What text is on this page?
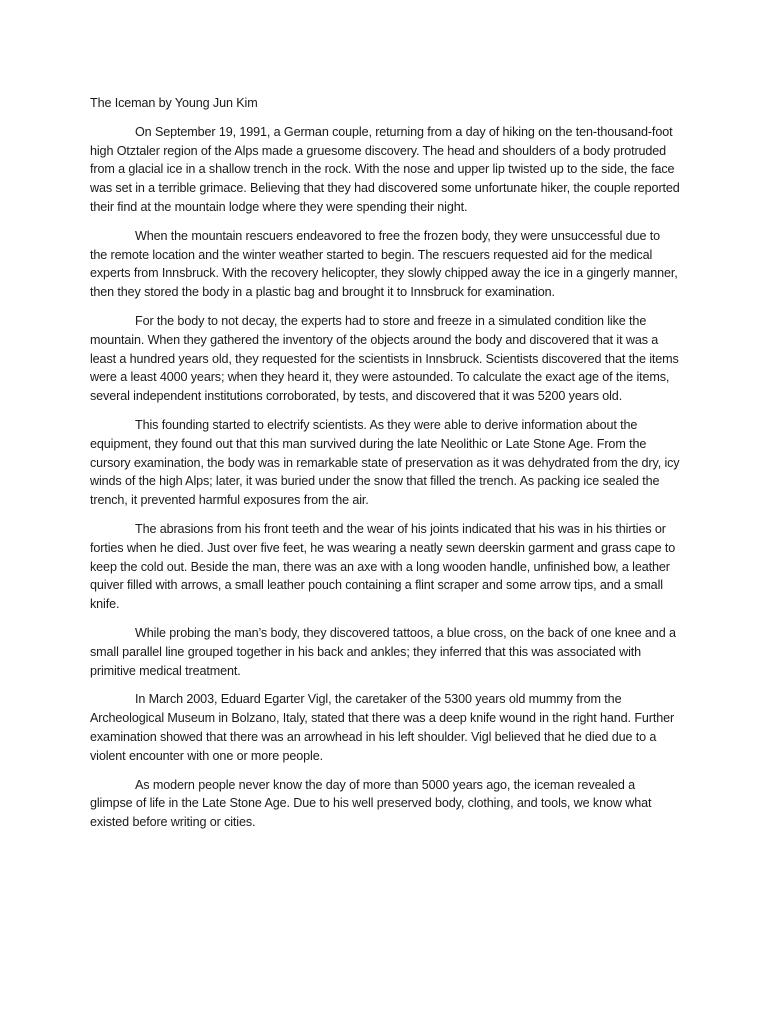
The Iceman by Young Jun Kim

On September 19, 1991, a German couple, returning from a day of hiking on the ten-thousand-foot high Otztaler region of the Alps made a gruesome discovery. The head and shoulders of a body protruded from a glacial ice in a shallow trench in the rock. With the nose and upper lip twisted up to the side, the face was set in a terrible grimace. Believing that they had discovered some unfortunate hiker, the couple reported their find at the mountain lodge where they were spending their night.

When the mountain rescuers endeavored to free the frozen body, they were unsuccessful due to the remote location and the winter weather started to begin. The rescuers requested aid for the medical experts from Innsbruck. With the recovery helicopter, they slowly chipped away the ice in a gingerly manner, then they stored the body in a plastic bag and brought it to Innsbruck for examination.

For the body to not decay, the experts had to store and freeze in a simulated condition like the mountain. When they gathered the inventory of the objects around the body and discovered that it was a least a hundred years old, they requested for the scientists in Innsbruck. Scientists discovered that the items were a least 4000 years; when they heard it, they were astounded. To calculate the exact age of the items, several independent institutions corroborated, by tests, and discovered that it was 5200 years old.

This founding started to electrify scientists. As they were able to derive information about the equipment, they found out that this man survived during the late Neolithic or Late Stone Age. From the cursory examination, the body was in remarkable state of preservation as it was dehydrated from the dry, icy winds of the high Alps; later, it was buried under the snow that filled the trench. As packing ice sealed the trench, it prevented harmful exposures from the air.

The abrasions from his front teeth and the wear of his joints indicated that his was in his thirties or forties when he died. Just over five feet, he was wearing a neatly sewn deerskin garment and grass cape to keep the cold out. Beside the man, there was an axe with a long wooden handle, unfinished bow, a leather quiver filled with arrows, a small leather pouch containing a flint scraper and some arrow tips, and a small knife.

While probing the man’s body, they discovered tattoos, a blue cross, on the back of one knee and a small parallel line grouped together in his back and ankles; they inferred that this was associated with primitive medical treatment.

In March 2003, Eduard Egarter Vigl, the caretaker of the 5300 years old mummy from the Archeological Museum in Bolzano, Italy, stated that there was a deep knife wound in the right hand. Further examination showed that there was an arrowhead in his left shoulder. Vigl believed that he died due to a violent encounter with one or more people.

As modern people never know the day of more than 5000 years ago, the iceman revealed a glimpse of life in the Late Stone Age. Due to his well preserved body, clothing, and tools, we know what existed before writing or cities.
